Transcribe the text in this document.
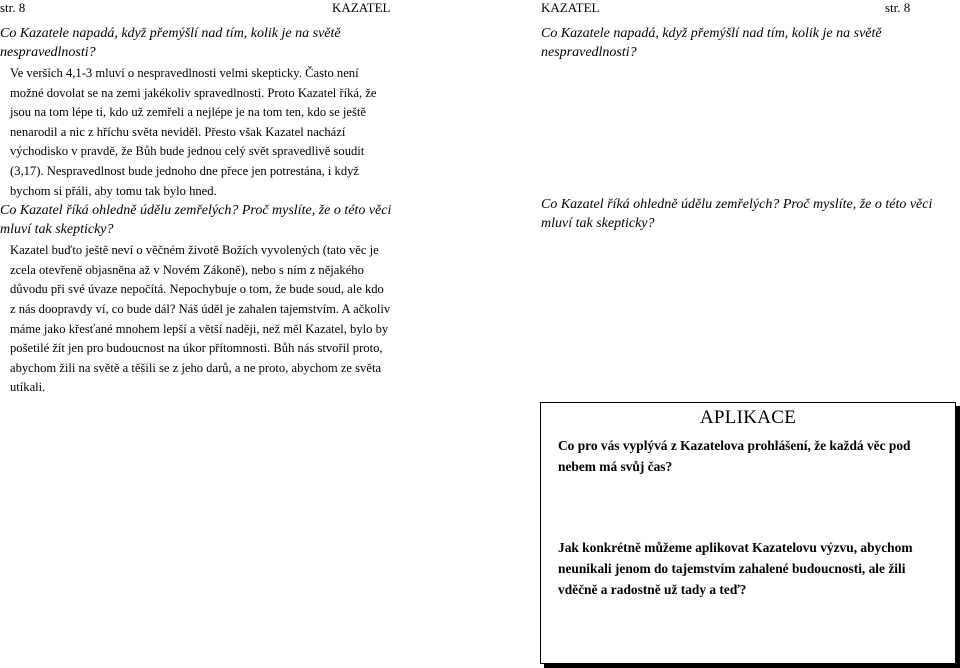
str. 8	KAZATEL

Co Kazatele napadá, když přemýšlí nad tím, kolik je na světě nespravedlnosti?

Ve verších 4,1-3 mluví o nespravedlnosti velmi skepticky. Často není možné dovolat se na zemi jakékoliv spravedlnosti. Proto Kazatel říká, že jsou na tom lépe ti, kdo už zemřeli a nejlépe je na tom ten, kdo se ještě nenarodil a nic z hříchu světa neviděl. Přesto však Kazatel nachází východisko v pravdě, že Bůh bude jednou celý svět spravedlivě soudit (3,17). Nespravedlnost bude jednoho dne přece jen potrestána, i když bychom si přáli, aby tomu tak bylo hned.

Co Kazatel říká ohledně údělu zemřelých? Proč myslíte, že o této věci mluví tak skepticky?

Kazatel buďto ještě neví o věčném životě Božích vyvolených (tato věc je zcela otevřeně objasněna až v Novém Zákoně), nebo s ním z nějakého důvodu při své úvaze nepočítá. Nepochybuje o tom, že bude soud, ale kdo z nás doopravdy ví, co bude dál? Náš úděl je zahalen tajemstvím. A ačkoliv máme jako křesťané mnohem lepší a větší naději, než měl Kazatel, bylo by pošetilé žít jen pro budoucnost na úkor přítomnosti. Bůh nás stvořil proto, abychom žili na světě a těšili se z jeho darů, a ne proto, abychom ze světa utíkali.

KAZATEL	str. 8

Co Kazatele napadá, když přemýšlí nad tím, kolik je na světě nespravedlnosti?

Co Kazatel říká ohledně údělu zemřelých? Proč myslíte, že o této věci mluví tak skepticky?

APLIKACE
Co pro vás vyplývá z Kazatelova prohlášení, že každá věc pod nebem má svůj čas?
Jak konkrétně můžeme aplikovat Kazatelovu výzvu, abychom neunikali jenom do tajemstvím zahalené budoucnosti, ale žili vděčně a radostně už tady a teď?
